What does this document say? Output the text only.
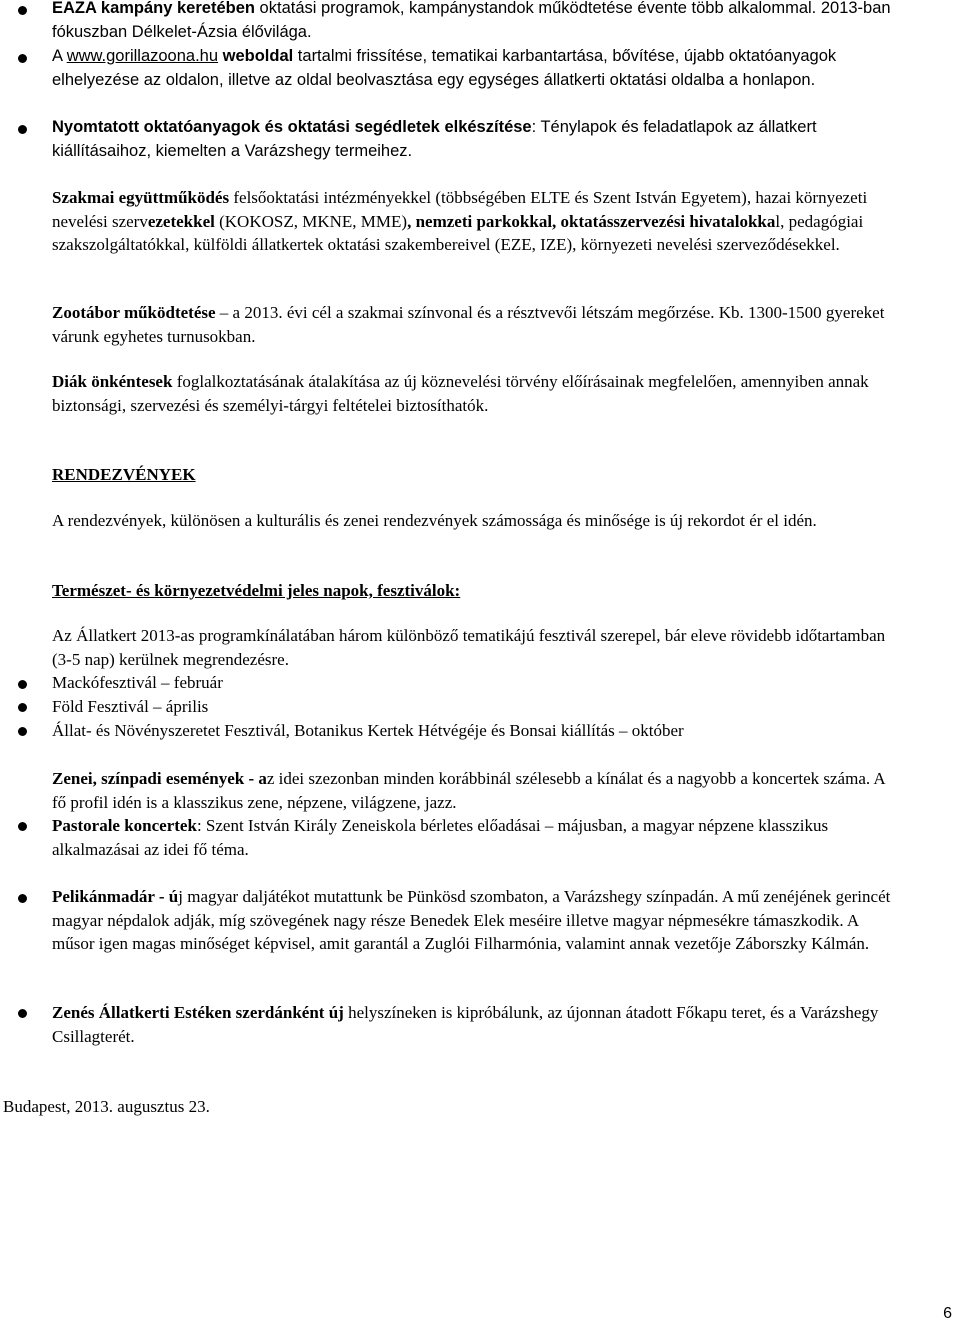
EAZA kampány keretében oktatási programok, kampánystandok működtetése évente több alkalommal. 2013-ban fókuszban Délkelet-Ázsia élővilága.
A www.gorillazoona.hu weboldal tartalmi frissítése, tematikai karbantartása, bővítése, újabb oktatóanyagok elhelyezése az oldalon, illetve az oldal beolvasztása egy egységes állatkerti oktatási oldalba a honlapon.
Nyomtatott oktatóanyagok és oktatási segédletek elkészítése: Ténylapok és feladatlapok az állatkert kiállításaihoz, kiemelten a Varázshegy termeihez.
Szakmai együttműködés felsőoktatási intézményekkel (többségében ELTE és Szent István Egyetem), hazai környezeti nevelési szervezetekkel (KOKOSZ, MKNE, MME), nemzeti parkokkal, oktatásszervezési hivatalokkal, pedagógiai szakszolgáltatókkal, külföldi állatkertek oktatási szakembereivel (EZE, IZE), környezeti nevelési szerveződésekkel.
Zootábor működtetése – a 2013. évi cél a szakmai színvonal és a résztvevői létszám megőrzése. Kb. 1300-1500 gyereket várunk egyhetes turnusokban.
Diák önkéntesek foglalkoztatásának átalakítása az új köznevelési törvény előírásainak megfelelően, amennyiben annak biztonsági, szervezési és személyi-tárgyi feltételei biztosíthatók.
RENDEZVÉNYEK
A rendezvények, különösen a kulturális és zenei rendezvények számossága és minősége is új rekordot ér el idén.
Természet- és környezetvédelmi jeles napok, fesztiválok:
Az Állatkert 2013-as programkínálatában három különböző tematikájú fesztivál szerepel, bár eleve rövidebb időtartamban (3-5 nap) kerülnek megrendezésre.
Mackófesztivál – február
Föld Fesztivál – április
Állat- és Növényszeretet Fesztivál, Botanikus Kertek Hétvégéje és Bonsai kiállítás – október
Zenei, színpadi események - az idei szezonban minden korábbinál szélesebb a kínálat és a nagyobb a koncertek száma. A fő profil idén is a klasszikus zene, népzene, világzene, jazz.
Pastorale koncertek: Szent István Király Zeneiskola bérletes előadásai – májusban, a magyar népzene klasszikus alkalmazásai az idei fő téma.
Pelikánmadár - új magyar daljátékot mutattunk be Pünkösd szombaton, a Varázshegy színpadán. A mű zenéjének gerincét magyar népdalok adják, míg szövegének nagy része Benedek Elek meséire illetve magyar népmesékre támaszkodik. A műsor igen magas minőséget képvisel, amit garantál a Zuglói Filharmónia, valamint annak vezetője Záborszky Kálmán.
Zenés Állatkerti Estéken szerdánként új helyszíneken is kipróbálunk, az újonnan átadott Főkapu teret, és a Varázshegy Csillagterét.
Budapest, 2013. augusztus 23.
6
